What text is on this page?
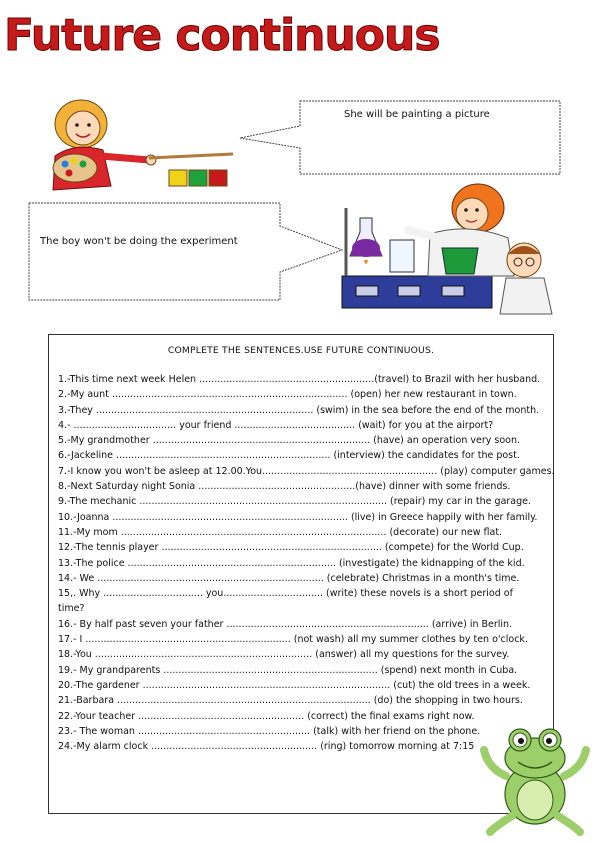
Future continuous
She will be painting a picture
The boy won't be doing the experiment
COMPLETE THE SENTENCES.USE FUTURE CONTINUOUS.
1.-This time next week Helen ..........................................................(travel) to Brazil with her husband.
2.-My aunt .............................................................................. (open) her new restaurant in town.
3.-They ........................................................................ (swim) in the sea before the end of the month.
4.- .................................. your friend ........................................ (wait) for you at the airport?
5.-My grandmother ........................................................................ (have) an operation very soon.
6.-Jackeline ....................................................................... (interview) the candidates for the post.
7.-I know you won't be asleep at 12.00.You.......................................................... (play) computer games.
8.-Next Saturday night Sonia ....................................................(have) dinner with some friends.
9.-The mechanic .................................................................................. (repair) my car in the garage.
10.-Joanna .............................................................................. (live) in Greece happily with her family.
11.-My mom ........................................................................................ (decorate) our new flat.
12.-The tennis player ......................................................................... (compete) for the World Cup.
13.-The police ..................................................................... (investigate) the kidnapping of the kid.
14.- We ........................................................................... (celebrate) Christmas in a month's time.
15,. Why ................................. you................................. (write) these novels is a short period of time?
16.- By half past seven your father ................................................................... (arrive) in Berlin.
17.- I .................................................................... (not wash) all my summer clothes by ten o'clock.
18.-You ........................................................................ (answer) all my questions for the survey.
19.- My grandparents ....................................................................... (spend) next month in Cuba.
20.-The gardener .................................................................................. (cut) the old trees in a week.
21.-Barbara .................................................................................... (do) the shopping in two hours.
22.-Your teacher ....................................................... (correct) the final exams right now.
23.- The woman ......................................................... (talk) with her friend on the phone.
24.-My alarm clock ....................................................... (ring) tomorrow morning at 7:15
